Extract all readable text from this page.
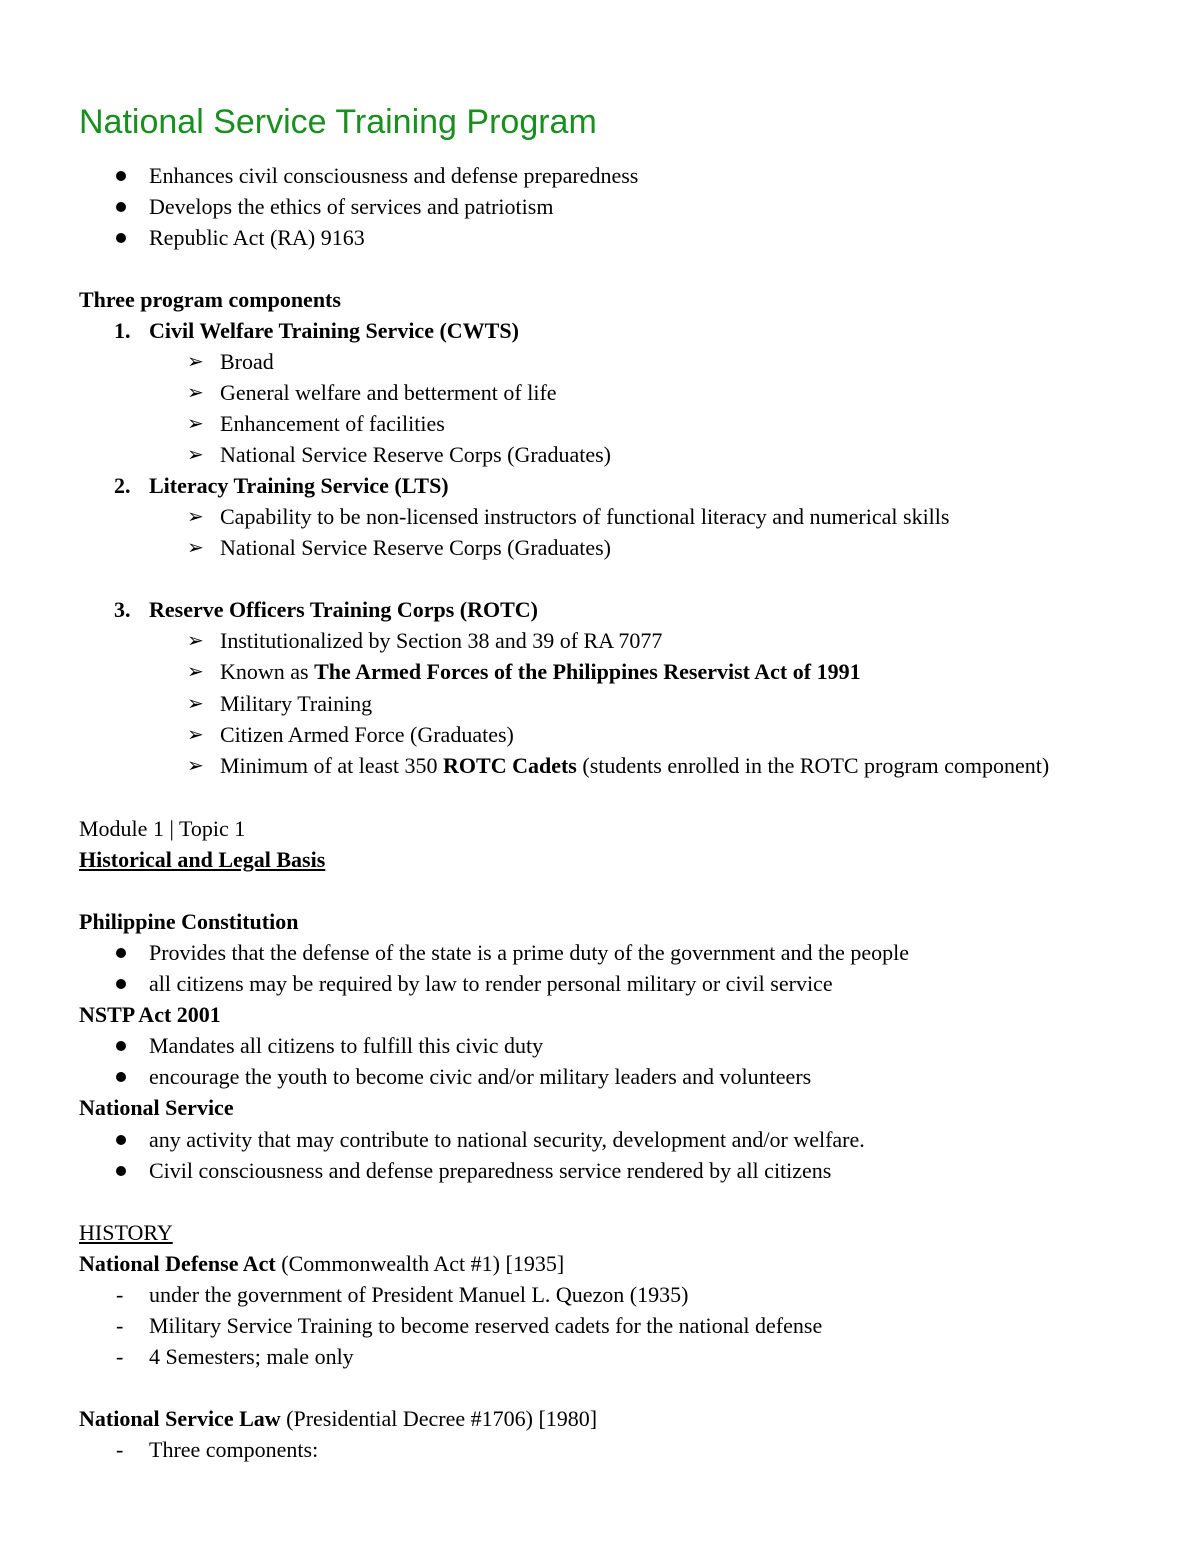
National Service Training Program
Enhances civil consciousness and defense preparedness
Develops the ethics of services and patriotism
Republic Act (RA) 9163
Three program components
1. Civil Welfare Training Service (CWTS)
➢ Broad
➢ General welfare and betterment of life
➢ Enhancement of facilities
➢ National Service Reserve Corps (Graduates)
2. Literacy Training Service (LTS)
➢ Capability to be non-licensed instructors of functional literacy and numerical skills
➢ National Service Reserve Corps (Graduates)
3. Reserve Officers Training Corps (ROTC)
➢ Institutionalized by Section 38 and 39 of RA 7077
➢ Known as The Armed Forces of the Philippines Reservist Act of 1991
➢ Military Training
➢ Citizen Armed Force (Graduates)
➢ Minimum of at least 350 ROTC Cadets (students enrolled in the ROTC program component)
Module 1 | Topic 1
Historical and Legal Basis
Philippine Constitution
Provides that the defense of the state is a prime duty of the government and the people
all citizens may be required by law to render personal military or civil service
NSTP Act 2001
Mandates all citizens to fulfill this civic duty
encourage the youth to become civic and/or military leaders and volunteers
National Service
any activity that may contribute to national security, development and/or welfare.
Civil consciousness and defense preparedness service rendered by all citizens
HISTORY
National Defense Act (Commonwealth Act #1) [1935]
- under the government of President Manuel L. Quezon (1935)
- Military Service Training to become reserved cadets for the national defense
- 4 Semesters; male only
National Service Law (Presidential Decree #1706) [1980]
- Three components:
